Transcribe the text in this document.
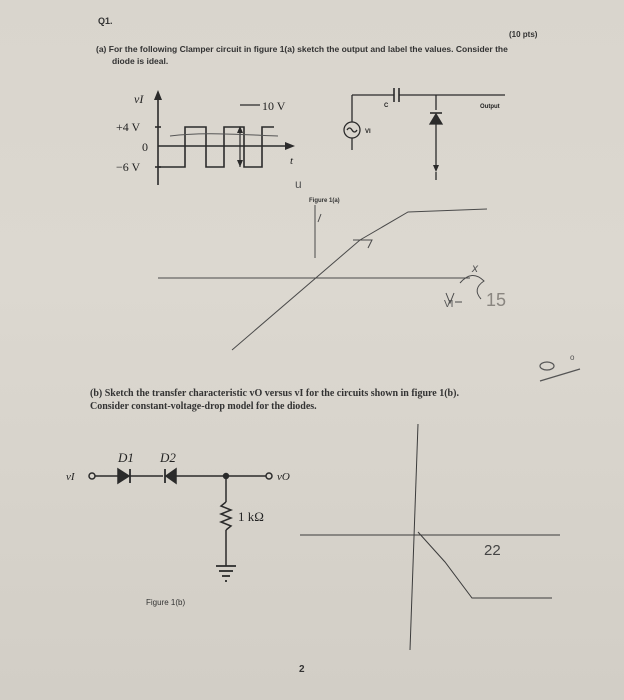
Q1.
(10 pts)
(a) For the following Clamper circuit in figure 1(a) sketch the output and label the values. Consider the
diode is ideal.
Figure 1(a)
(b) Sketch the transfer characteristic vO versus vI for the circuits shown in figure 1(b).
Consider constant-voltage-drop model for the diodes.
Figure 1(b)
2
vI
+4 V
0
−6 V
10 V
t
u
C
VI
Output
x
VI 15
o
D1 D2
vI	vO
1 kΩ
22
